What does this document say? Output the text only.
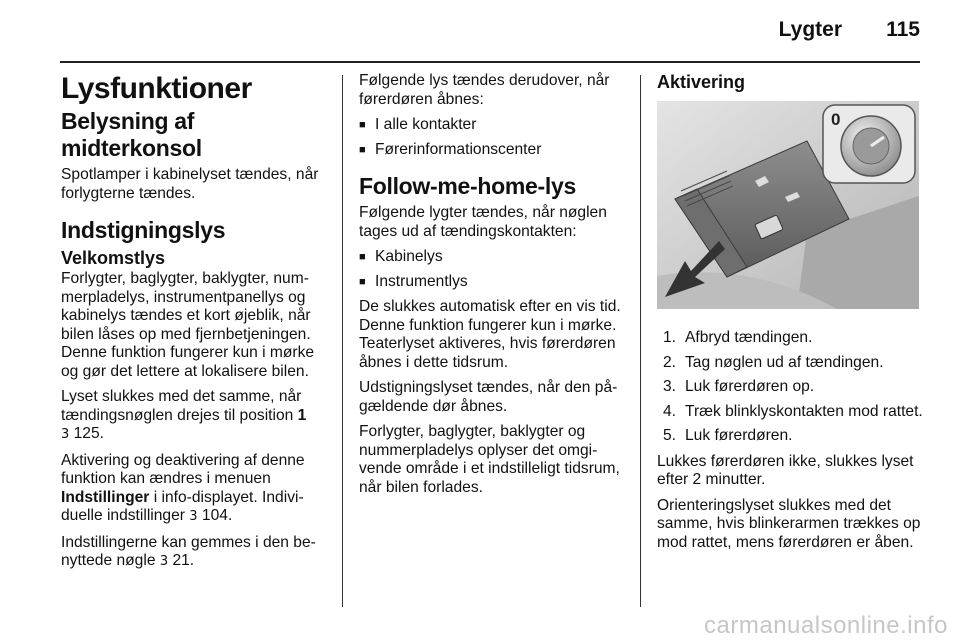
Lygter 115
Lysfunktioner
Belysning af midterkonsol

Spotlamper i kabinelyset tændes, når forlygterne tændes.

Indstigningslys
Velkomstlys

Forlygter, baglygter, baklygter, nummerpladelys, instrumentpanellys og kabinelys tændes et kort øjeblik, når bilen låses op med fjernbetjeningen. Denne funktion fungerer kun i mørke og gør det lettere at lokalisere bilen.

Lyset slukkes med det samme, når tændingsnøglen drejes til position 1
3 125.

Aktivering og deaktivering af denne funktion kan ændres i menuen Indstillinger i info-displayet. Individuelle indstillinger 3 104.

Indstillingerne kan gemmes i den benyttede nøgle 3 21.

Følgende lys tændes derudover, når førerdøren åbnes:

■ I alle kontakter
■ Førerinformationscenter
Follow-me-home-lys

Følgende lygter tændes, når nøglen tages ud af tændingskontakten:

■ Kabinelys
■ Instrumentlys

De slukkes automatisk efter en vis tid. Denne funktion fungerer kun i mørke. Teaterlyset aktiveres, hvis førerdøren åbnes i dette tidsrum.

Udstigningslyset tændes, når den pågældende dør åbnes.

Forlygter, baglygter, baklygter og nummerpladelys oplyser det omgivende område i et indstilleligt tidsrum, når bilen forlades.

Aktivering
0
1. Afbryd tændingen.
2. Tag nøglen ud af tændingen.
3. Luk førerdøren op.
4. Træk blinklyskontakten mod rattet.
5. Luk førerdøren.

Lukkes førerdøren ikke, slukkes lyset efter 2 minutter.

Orienteringslyset slukkes med det samme, hvis blinkerarmen trækkes op mod rattet, mens førerdøren er åben.

carmanualsonline.info
